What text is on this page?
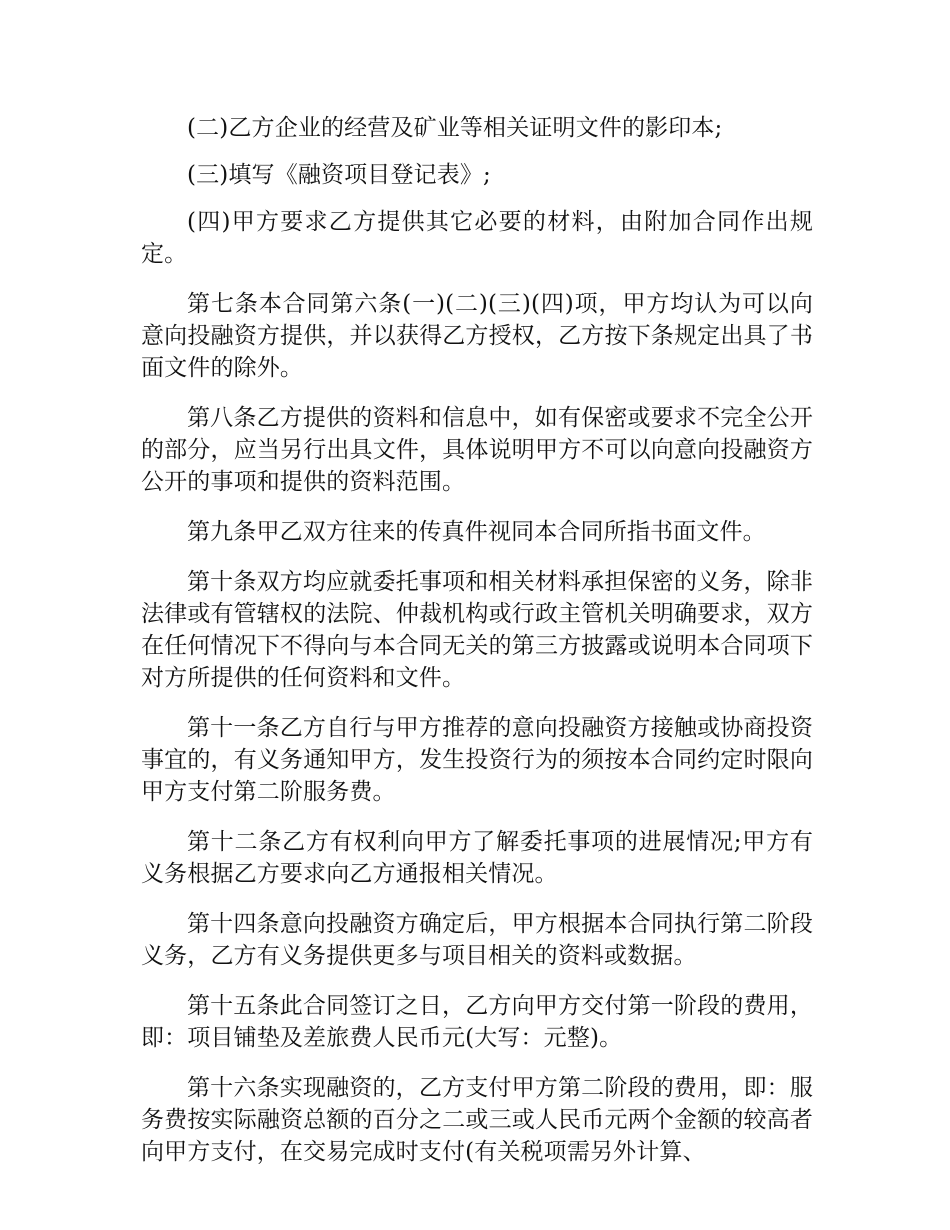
(二)乙方企业的经营及矿业等相关证明文件的影印本;

(三)填写《融资项目登记表》;

(四)甲方要求乙方提供其它必要的材料，由附加合同作出规定。

第七条本合同第六条(一)(二)(三)(四)项，甲方均认为可以向意向投融资方提供，并以获得乙方授权，乙方按下条规定出具了书面文件的除外。

第八条乙方提供的资料和信息中，如有保密或要求不完全公开的部分，应当另行出具文件，具体说明甲方不可以向意向投融资方公开的事项和提供的资料范围。

第九条甲乙双方往来的传真件视同本合同所指书面文件。

第十条双方均应就委托事项和相关材料承担保密的义务，除非法律或有管辖权的法院、仲裁机构或行政主管机关明确要求，双方在任何情况下不得向与本合同无关的第三方披露或说明本合同项下对方所提供的任何资料和文件。

第十一条乙方自行与甲方推荐的意向投融资方接触或协商投资事宜的，有义务通知甲方，发生投资行为的须按本合同约定时限向甲方支付第二阶服务费。

第十二条乙方有权利向甲方了解委托事项的进展情况;甲方有义务根据乙方要求向乙方通报相关情况。

第十四条意向投融资方确定后，甲方根据本合同执行第二阶段义务，乙方有义务提供更多与项目相关的资料或数据。

第十五条此合同签订之日，乙方向甲方交付第一阶段的费用，即：项目铺垫及差旅费人民币元(大写：元整)。

第十六条实现融资的，乙方支付甲方第二阶段的费用，即：服务费按实际融资总额的百分之二或三或人民币元两个金额的较高者向甲方支付，在交易完成时支付(有关税项需另外计算、
